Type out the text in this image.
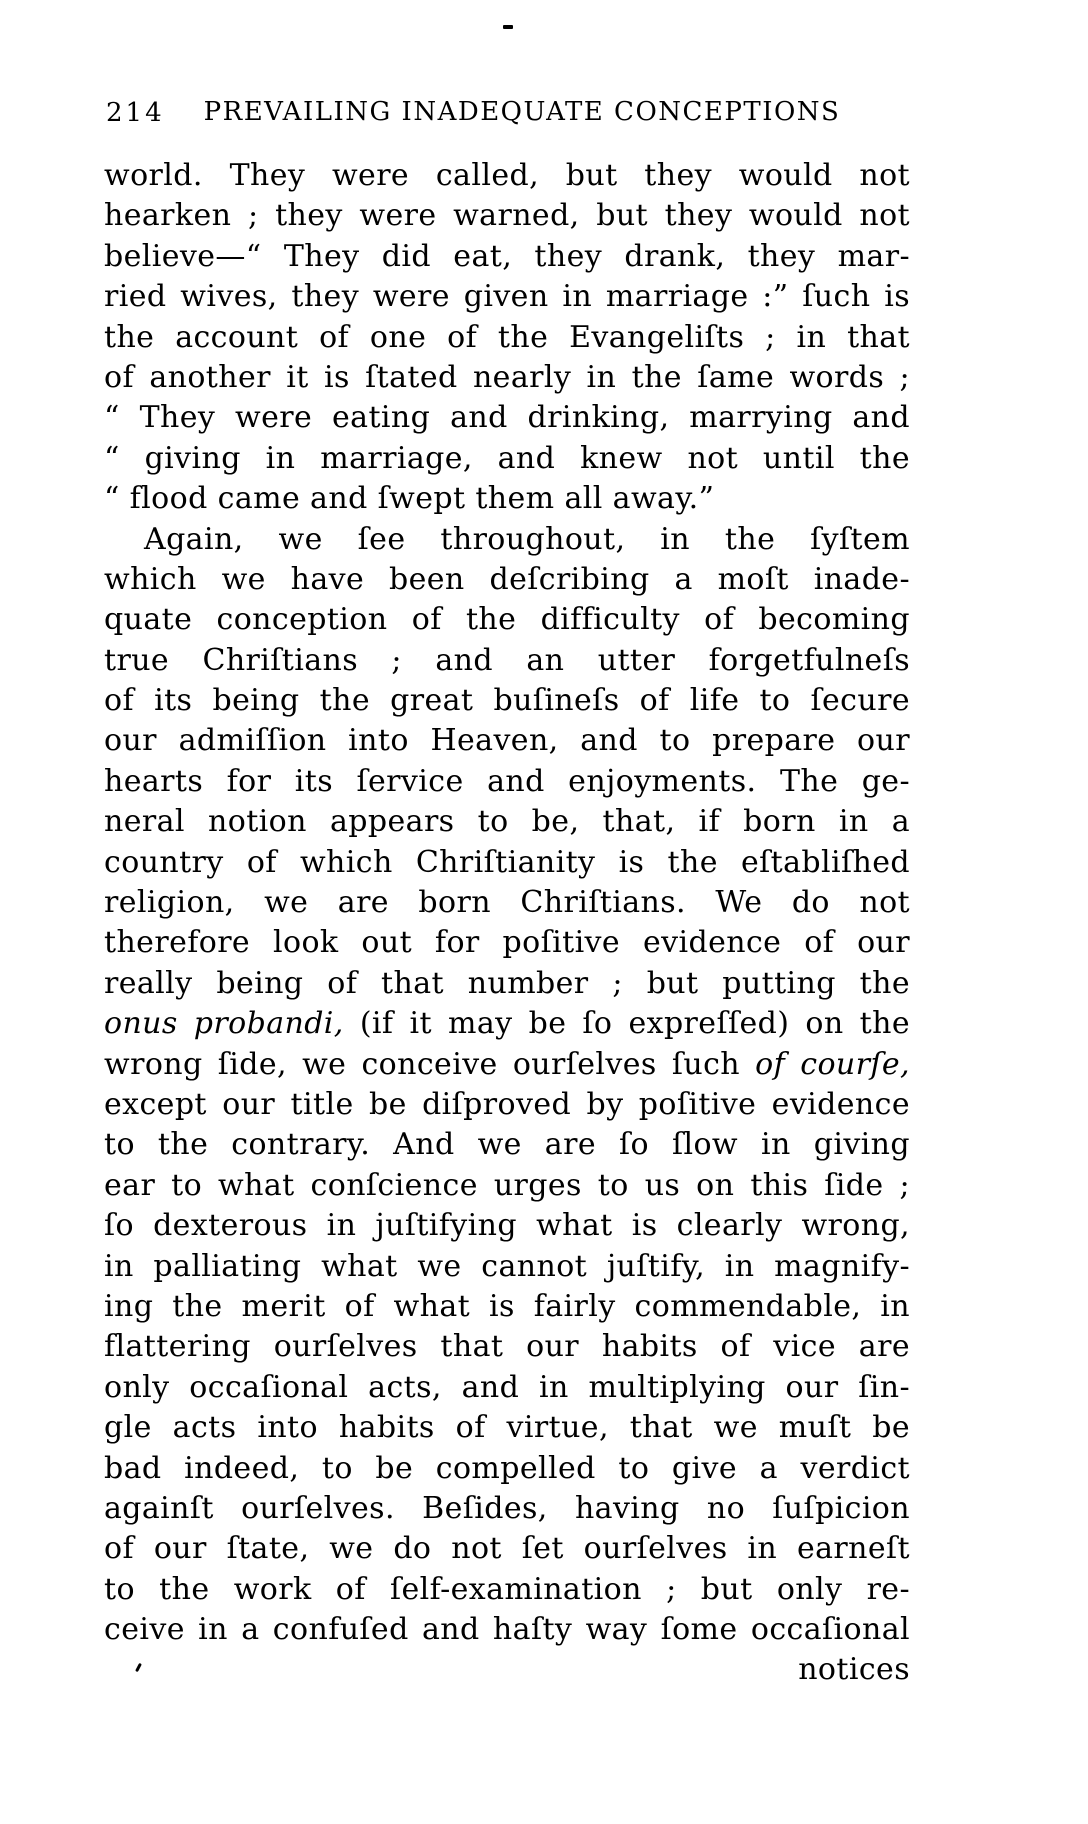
214	PREVAILING INADEQUATE CONCEPTIONS
world. They were called, but they would not
hearken ; they were warned, but they would not
believe—“ They did eat, they drank, they mar-
ried wives, they were given in marriage :” ſuch is
the account of one of the Evangeliſts ; in that
of another it is ſtated nearly in the ſame words ;
“ They were eating and drinking, marrying and
“ giving in marriage, and knew not until the
“ flood came and ſwept them all away.”
Again, we ſee throughout, in the ſyſtem
which we have been deſcribing a moſt inade-
quate conception of the difficulty of becoming
true Chriſtians ; and an utter forgetfulneſs
of its being the great buſineſs of life to ſecure
our admiſſion into Heaven, and to prepare our
hearts for its ſervice and enjoyments. The ge-
neral notion appears to be, that, if born in a
country of which Chriſtianity is the eſtabliſhed
religion, we are born Chriſtians. We do not
therefore look out for poſitive evidence of our
really being of that number ; but putting the
onus probandi, (if it may be ſo expreſſed) on the
wrong ſide, we conceive ourſelves ſuch of courſe,
except our title be diſproved by poſitive evidence
to the contrary. And we are ſo ſlow in giving
ear to what conſcience urges to us on this ſide ;
ſo dexterous in juſtifying what is clearly wrong,
in palliating what we cannot juſtify, in magnify-
ing the merit of what is fairly commendable, in
flattering ourſelves that our habits of vice are
only occaſional acts, and in multiplying our ſin-
gle acts into habits of virtue, that we muſt be
bad indeed, to be compelled to give a verdict
againſt ourſelves. Beſides, having no ſuſpicion
of our ſtate, we do not ſet ourſelves in earneſt
to the work of ſelf-examination ; but only re-
ceive in a confuſed and haſty way ſome occaſional
notices
